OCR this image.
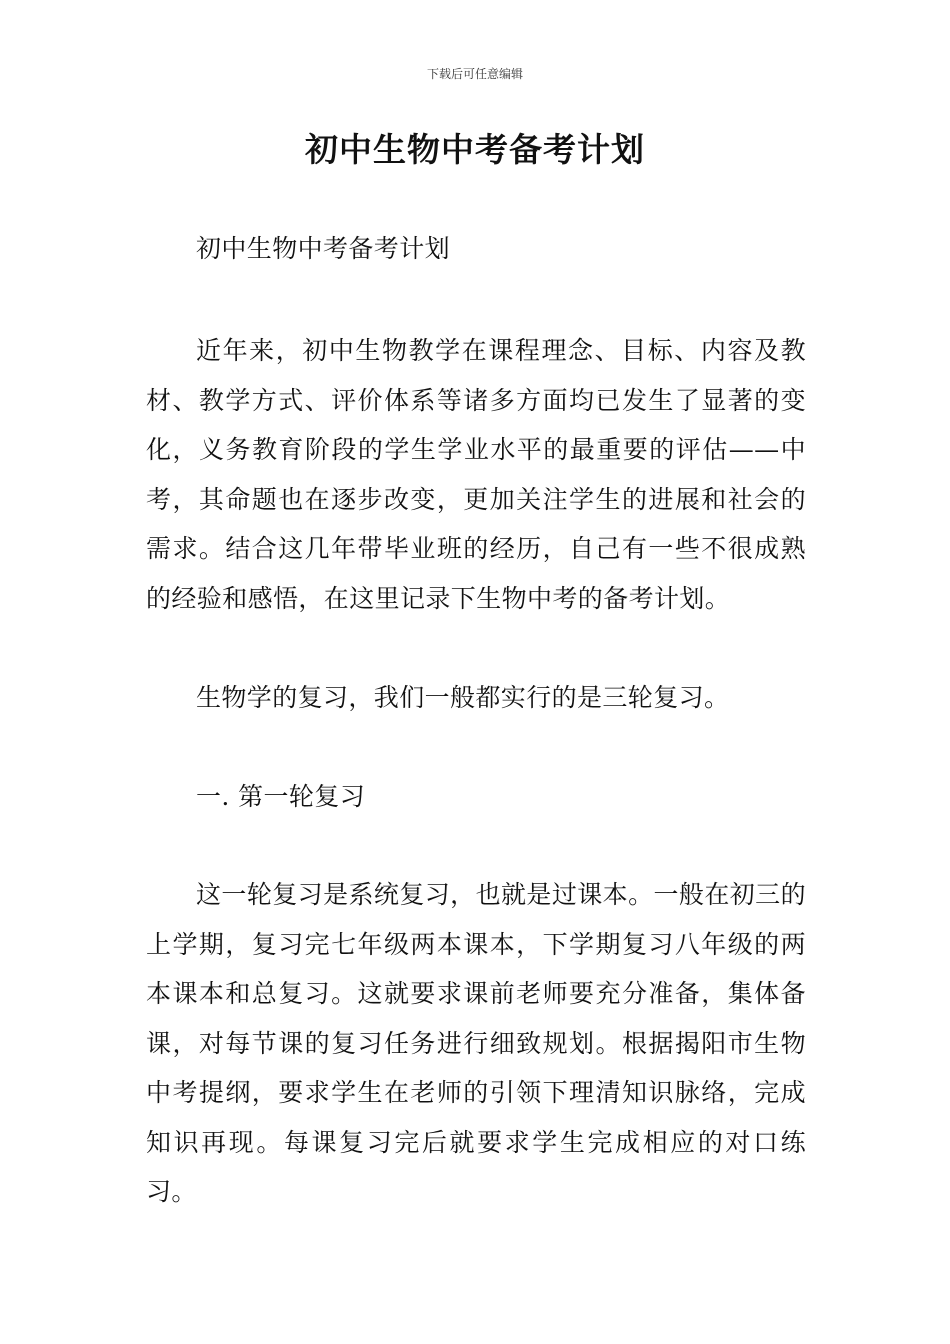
下载后可任意编辑
初中生物中考备考计划

初中生物中考备考计划

近年来，初中生物教学在课程理念、目标、内容及教材、教学方式、评价体系等诸多方面均已发生了显著的变化，义务教育阶段的学生学业水平的最重要的评估——中考，其命题也在逐步改变，更加关注学生的进展和社会的需求。结合这几年带毕业班的经历，自己有一些不很成熟的经验和感悟，在这里记录下生物中考的备考计划。

生物学的复习，我们一般都实行的是三轮复习。

一. 第一轮复习

这一轮复习是系统复习，也就是过课本。一般在初三的上学期，复习完七年级两本课本，下学期复习八年级的两本课本和总复习。这就要求课前老师要充分准备，集体备课，对每节课的复习任务进行细致规划。根据揭阳市生物中考提纲，要求学生在老师的引领下理清知识脉络，完成知识再现。每课复习完后就要求学生完成相应的对口练习。
